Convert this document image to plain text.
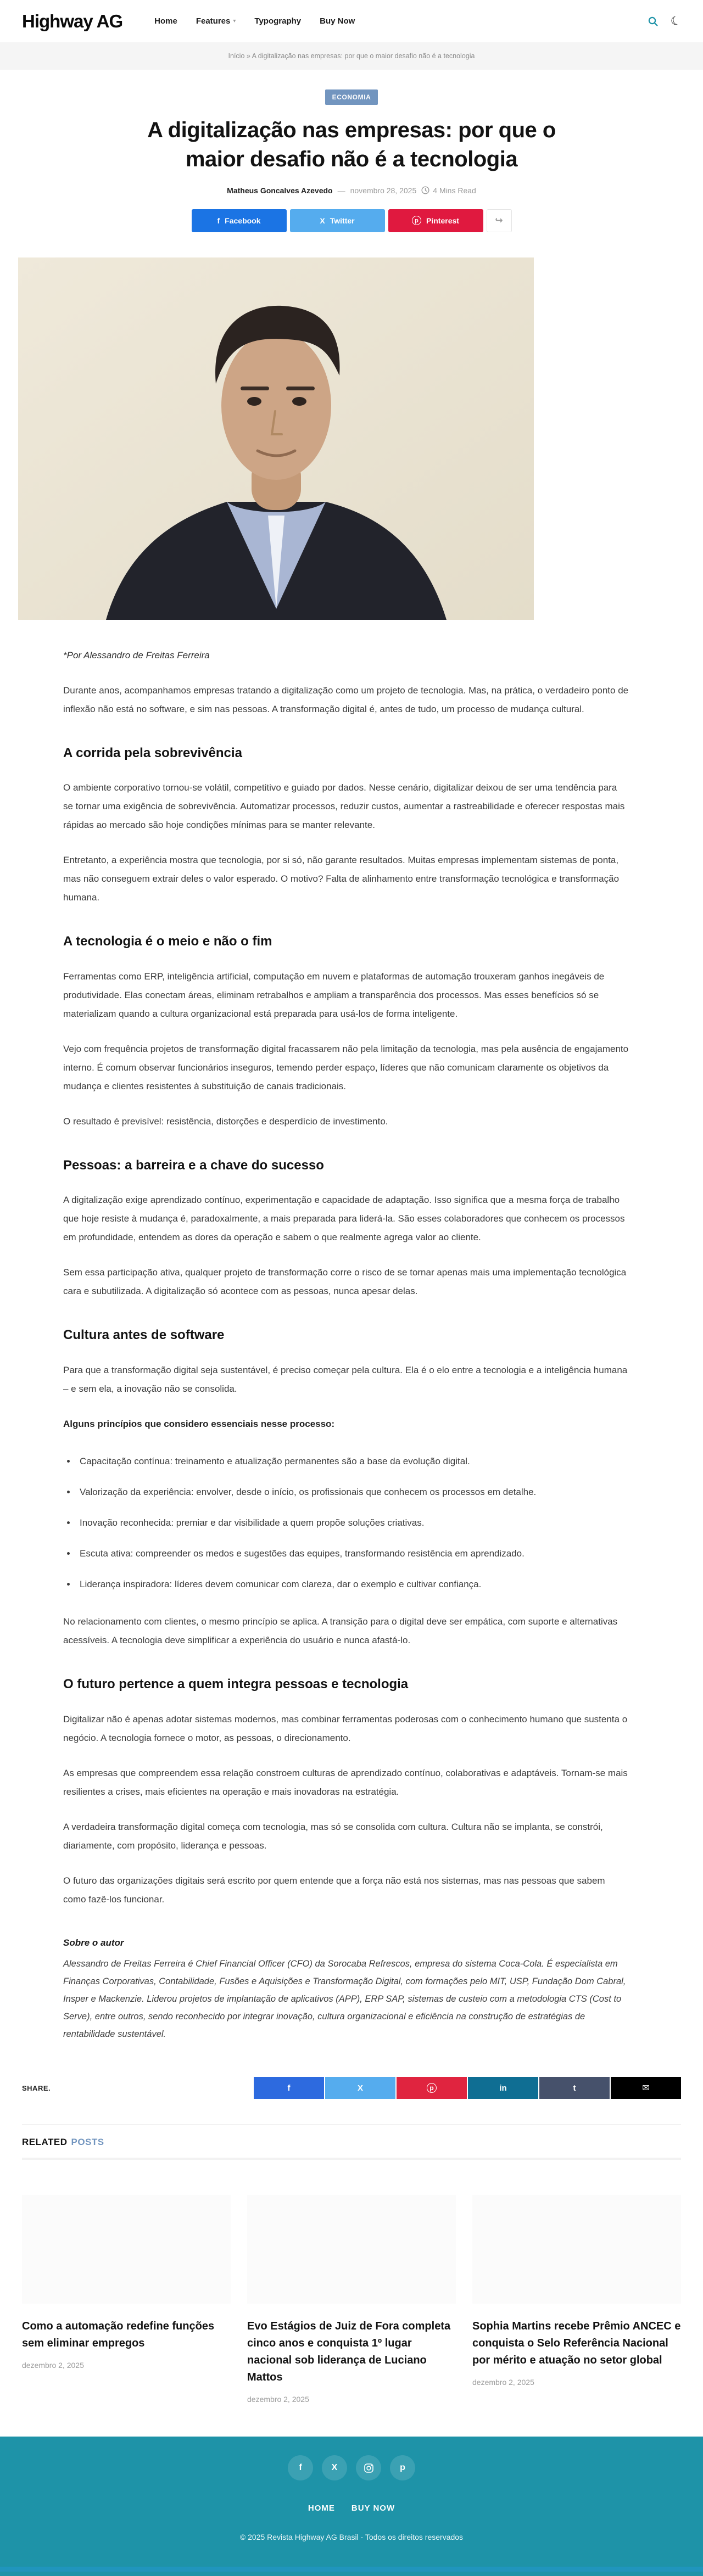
Highway AG	Home Features ▾ Typography Buy Now	☾
Início » A digitalização nas empresas: por que o maior desafio não é a tecnologia
ECONOMIA
A digitalização nas empresas: por que o maior desafio não é a tecnologia
Matheus Goncalves Azevedo — novembro 28, 2025 4 Mins Read
f Facebook	X Twitter	p	Pinterest	↪

*Por Alessandro de Freitas Ferreira

Durante anos, acompanhamos empresas tratando a digitalização como um projeto de tecnologia. Mas, na prática, o verdadeiro ponto de inflexão não está no software, e sim nas pessoas. A transformação digital é, antes de tudo, um processo de mudança cultural.

A corrida pela sobrevivência

O ambiente corporativo tornou-se volátil, competitivo e guiado por dados. Nesse cenário, digitalizar deixou de ser uma tendência para se tornar uma exigência de sobrevivência. Automatizar processos, reduzir custos, aumentar a rastreabilidade e oferecer respostas mais rápidas ao mercado são hoje condições mínimas para se manter relevante.

Entretanto, a experiência mostra que tecnologia, por si só, não garante resultados. Muitas empresas implementam sistemas de ponta, mas não conseguem extrair deles o valor esperado. O motivo? Falta de alinhamento entre transformação tecnológica e transformação humana.

A tecnologia é o meio e não o fim

Ferramentas como ERP, inteligência artificial, computação em nuvem e plataformas de automação trouxeram ganhos inegáveis de produtividade. Elas conectam áreas, eliminam retrabalhos e ampliam a transparência dos processos. Mas esses benefícios só se materializam quando a cultura organizacional está preparada para usá-los de forma inteligente.

Vejo com frequência projetos de transformação digital fracassarem não pela limitação da tecnologia, mas pela ausência de engajamento interno. É comum observar funcionários inseguros, temendo perder espaço, líderes que não comunicam claramente os objetivos da mudança e clientes resistentes à substituição de canais tradicionais.

O resultado é previsível: resistência, distorções e desperdício de investimento.

Pessoas: a barreira e a chave do sucesso

A digitalização exige aprendizado contínuo, experimentação e capacidade de adaptação. Isso significa que a mesma força de trabalho que hoje resiste à mudança é, paradoxalmente, a mais preparada para liderá-la. São esses colaboradores que conhecem os processos em profundidade, entendem as dores da operação e sabem o que realmente agrega valor ao cliente.

Sem essa participação ativa, qualquer projeto de transformação corre o risco de se tornar apenas mais uma implementação tecnológica cara e subutilizada. A digitalização só acontece com as pessoas, nunca apesar delas.

Cultura antes de software

Para que a transformação digital seja sustentável, é preciso começar pela cultura. Ela é o elo entre a tecnologia e a inteligência humana – e sem ela, a inovação não se consolida.

Alguns princípios que considero essenciais nesse processo:

• Capacitação contínua: treinamento e atualização permanentes são a base da evolução digital.
• Valorização da experiência: envolver, desde o início, os profissionais que conhecem os processos em detalhe.
• Inovação reconhecida: premiar e dar visibilidade a quem propõe soluções criativas.
• Escuta ativa: compreender os medos e sugestões das equipes, transformando resistência em aprendizado.
• Liderança inspiradora: líderes devem comunicar com clareza, dar o exemplo e cultivar confiança.

No relacionamento com clientes, o mesmo princípio se aplica. A transição para o digital deve ser empática, com suporte e alternativas acessíveis. A tecnologia deve simplificar a experiência do usuário e nunca afastá-lo.

O futuro pertence a quem integra pessoas e tecnologia

Digitalizar não é apenas adotar sistemas modernos, mas combinar ferramentas poderosas com o conhecimento humano que sustenta o negócio. A tecnologia fornece o motor, as pessoas, o direcionamento.

As empresas que compreendem essa relação constroem culturas de aprendizado contínuo, colaborativas e adaptáveis. Tornam-se mais resilientes a crises, mais eficientes na operação e mais inovadoras na estratégia.

A verdadeira transformação digital começa com tecnologia, mas só se consolida com cultura. Cultura não se implanta, se constrói, diariamente, com propósito, liderança e pessoas.

O futuro das organizações digitais será escrito por quem entende que a força não está nos sistemas, mas nas pessoas que sabem como fazê-los funcionar.

Sobre o autor

Alessandro de Freitas Ferreira é Chief Financial Officer (CFO) da Sorocaba Refrescos, empresa do sistema Coca-Cola. É especialista em Finanças Corporativas, Contabilidade, Fusões e Aquisições e Transformação Digital, com formações pelo MIT, USP, Fundação Dom Cabral, Insper e Mackenzie. Liderou projetos de implantação de aplicativos (APP), ERP SAP, sistemas de custeio com a metodologia CTS (Cost to Serve), entre outros, sendo reconhecido por integrar inovação, cultura organizacional e eficiência na construção de estratégias de rentabilidade sustentável.

SHARE.	f	X	p	in	t	✉
RELATED POSTS
Como a automação redefine funções sem eliminar empregos
dezembro 2, 2025
Evo Estágios de Juiz de Fora completa cinco anos e conquista 1º lugar nacional sob liderança de Luciano Mattos
dezembro 2, 2025
Sophia Martins recebe Prêmio ANCEC e conquista o Selo Referência Nacional por mérito e atuação no setor global
dezembro 2, 2025
f	X	p
HOME BUY NOW
© 2025 Revista Highway AG Brasil - Todos os direitos reservados
